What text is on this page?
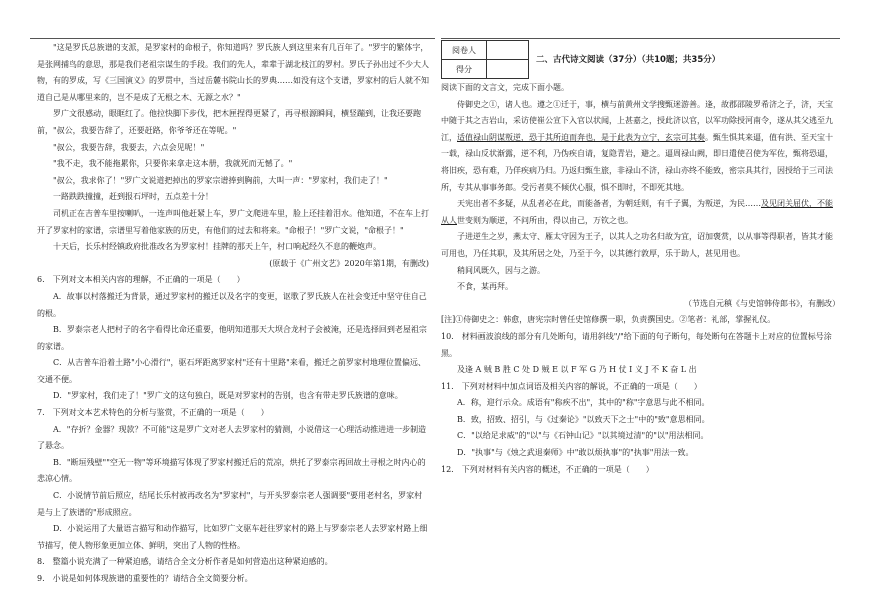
"这是罗氏总族谱的支派，是罗家村的命根子，你知道吗？罗氏族人到这里来有几百年了。"罗宇的繁体字，是张网捕鸟的意思，那是我们老祖宗谋生的手段。我们的先人，辈辈于湖北枝江的罗村。罗氏子孙出过不少大人物，有的罗成，写《三国演义》的罗贯中，当过岳麓书院山长的罗典……如没有这个支谱，罗家村的后人就不知道自己是从哪里来的，岂不是成了无根之木、无源之水？"

罗广文很感动，眼眶红了。他拉快脚下步伐，把木匣捏得更紧了，再寻根源瞬间，横竖蹦到，让我还要跑前，"叔公，我要告辞了，还要赶路，你爷爷还在等呢。"

"叔公，我要告辞，我要去，六点会见呢！"

"我不走，我不能拖累你，只要你来拿走这本册，我就死而无憾了。"

"叔公，我求你了！"罗广文说道把掉出的罗家宗谱捧到胸前，大叫一声："罗家村，我们走了！"

一路跌跌撞撞，赶到报石坪时，五点差十分！

司机正在吉普车里按喇叭，一连声叫他赶紧上车，罗广文爬进车里，脸上还挂着泪水。他知道，不在车上打开了罗家村的家谱，宗谱里写着他家族的历史，有他们的过去和将来。"命根子！"罗广文说，"命根子！"

十天后，长乐村经镇政府批准改名为罗家村！挂牌的那天上午，村口响起经久不息的鞭炮声。

(原载于《广州文艺》2020年第1期，有删改)

6.　下列对文本相关内容的理解，不正确的一项是（　　）

A．故事以村落搬迁为背景，通过罗家村的搬迁以及名字的变更，讴歌了罗氏族人在社会变迁中坚守住自己的根。

B．罗泰宗老人把村子的名字看得比命还重要，他明知道那天大坝合龙村子会被淹，还是选择回到老屋祖宗的家谱。

C．从吉普车沿着土路"小心滑行"，驱石坪距离罗家村"还有十里路"来看，搬迁之前罗家村地理位置偏远、交通不便。

D．"罗家村，我们走了！"罗广文的这句独白，既是对罗家村的告别，也含有带走罗氏族谱的意味。

7.　下列对文本艺术特色的分析与鉴赏，不正确的一项是（　　）

A．"存折？金器？现款？不可能"这是罗广文对老人去罗家村的猜测，小说借这一心理活动推进进一步制造了悬念。

B．"断垣残壁""空无一物"等环境描写体现了罗家村搬迁后的荒凉，烘托了罗泰宗再回故土寻根之时内心的悲凉心情。

C．小说情节前后照应，结尾长乐村被再改名为"罗家村"，与开头罗泰宗老人强调要"要用老村名，罗家村是与上了族谱的"形成照应。

D．小说运用了大量语言描写和动作描写，比如罗广文驱车赶往罗家村的路上与罗泰宗老人去罗家村路上细节描写，使人物形象更加立体、鲜明，突出了人物的性格。

8.　整篇小说充满了一种紧迫感，请结合全文分析作者是如何营造出这种紧迫感的。

9.　小说是如何体现族谱的重要性的？请结合全文简要分析。

阅卷人	
得分	
二、古代诗文阅读（37分）（共10题；共35分）

阅读下面的文言文，完成下面小题。

侍御史之①，诸人也。遵之①迁于，事，横与前黄州文学搜甄迷游善。逢，故郡邵陵罗希济之子，济，天宝中随于其之吉岩山，采访使崔公宣下入官以状闻，上甚嘉之，授此济以官，以军功除授河南令，遂从其父逃至九江，适值禄山阴谋叛逆，恐于其所迫而奔也，是于此表为立宁，玄宗可其奏。甄生惧其来逼，值有洪、至天宝十一载，禄山反状渐露，逆不利，乃伪疾自请，复隐青岩，避之。逼周禄山阙，即日遣使召使为军佐，甄将恐逼，将旧疾，恐有难，乃佯疾病乃归。乃返归甄生旅，非禄山不济，禄山亦终不能致，密宗具其行，因授给于三司法所，专其从事事务郎。受污者莫不倾伏心服，惧不即时，不即死其地。

天宪出者不多疑，从乱者必在此，而能备者，为朝廷则，有千子翼，为叛逆，为民……及见闭关屈伏，不能从人世变则为顺逆，不问所由，得以由己，万钦之也。

子进逆生之岁，燕太守、雁太守因为王子，以其人之功名归故为宜，诏加褒赏，以从事等得职者，皆其才能可用也，乃任其职，及其所居之处，乃至于今，以其德行敦厚，乐于助人，甚见用也。

稍间风既久，因与之游。

不食，某再拜。

（节选自元稹《与史馆韩侍郎书》，有删改）

[注]①侍御史之：韩愈，唐宪宗时曾任史馆修撰一职，负责撰国史。②笔者：礼部，掌握礼仪。

10.　材料画波浪线的部分有几处断句，请用斜线"/"给下面的句子断句，每处断句在答题卡上对应的位置标号涂黑。

及逢 A 贼 B 胜 C 处 D 贼 E 以 F 军 G 乃 H 仗 I 义 J 不 K 奋 L 出

11.　下列对材料中加点词语及相关内容的解说，不正确的一项是（　　）

A．称，迎行示众。成语有"称疾不出"，其中的"称"字意思与此不相同。

B．致，招致、招引，与《过秦论》"以致天下之士"中的"致"意思相同。

C．"以给足求威"的"以"与《石钟山记》"以其境过清"的"以"用法相同。

D．"执事"与《烛之武退秦师》中"敢以烦执事"的"执事"用法一致。

12.　下列对材料有关内容的概述，不正确的一项是（　　）
